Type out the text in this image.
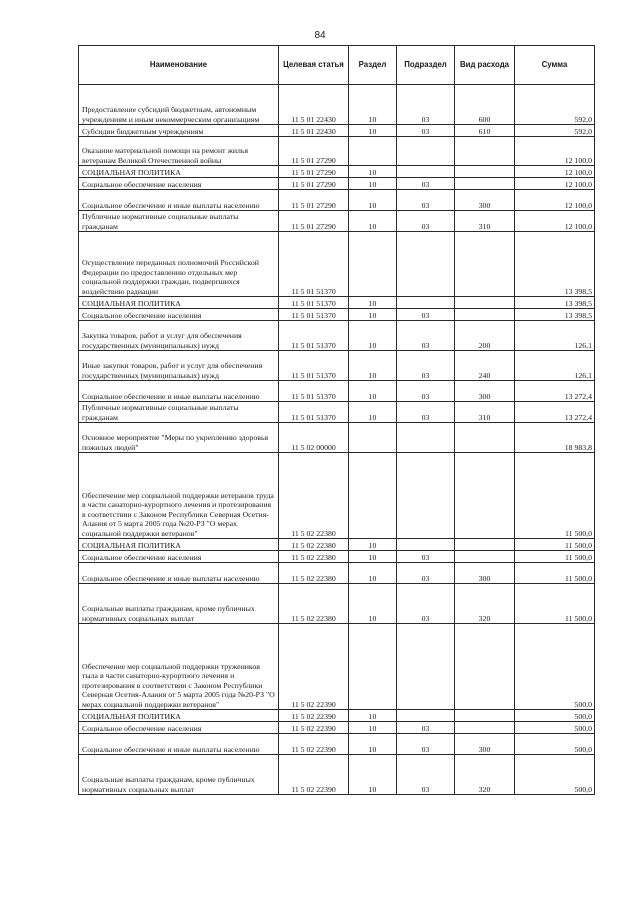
84
Наименование	Целевая статья	Раздел	Подраздел	Вид расхода	Сумма
Предоставление субсидий бюджетным, автономным учреждениям и иным некоммерческим организациям	11 5 01 22430	10	03	600	592,0
Субсидии бюджетным учреждениям	11 5 01 22430	10	03	610	592,0
Оказание материальной помощи на ремонт жилья ветеранам Великой Отечественной войны	11 5 01 27290				12 100,0
СОЦИАЛЬНАЯ ПОЛИТИКА	11 5 01 27290	10			12 100,0
Социальное обеспечение населения	11 5 01 27290	10	03		12 100,0
Социальное обеспечение и иные выплаты населению	11 5 01 27290	10	03	300	12 100,0
Публичные нормативные социальные выплаты гражданам	11 5 01 27290	10	03	310	12 100,0
Осуществление переданных полномочий Российской Федерации по предоставлению отдельных мер социальной поддержки граждан, подвергшихся воздействию радиации	11 5 01 51370				13 398,5
СОЦИАЛЬНАЯ ПОЛИТИКА	11 5 01 51370	10			13 398,5
Социальное обеспечение населения	11 5 01 51370	10	03		13 398,5
Закупка товаров, работ и услуг для обеспечения государственных (муниципальных) нужд	11 5 01 51370	10	03	200	126,1
Иные закупки товаров, работ и услуг для обеспечения государственных (муниципальных) нужд	11 5 01 51370	10	03	240	126,1
Социальное обеспечение и иные выплаты населению	11 5 01 51370	10	03	300	13 272,4
Публичные нормативные социальные выплаты гражданам	11 5 01 51370	10	03	310	13 272,4
Основное мероприятие "Меры по укреплению здоровья пожилых людей"	11 5 02 00000				18 983,8
Обеспечение мер социальной поддержки ветеранов труда в части санаторно-курортного лечения и протезирования в соответствии с Законом Республики Северная Осетия-Алания от 5 марта 2005 года №20-РЗ "О мерах социальной поддержки ветеранов"	11 5 02 22380				11 500,0
СОЦИАЛЬНАЯ ПОЛИТИКА	11 5 02 22380	10			11 500,0
Социальное обеспечение населения	11 5 02 22380	10	03		11 500,0
Социальное обеспечение и иные выплаты населению	11 5 02 22380	10	03	300	11 500,0
Социальные выплаты гражданам, кроме публичных нормативных социальных выплат	11 5 02 22380	10	03	320	11 500,0
Обеспечение мер социальной поддержки тружеников тыла в части санаторно-курортного лечения и протезирования в соответствии с Законом Республики Северная Осетия-Алания от 5 марта 2005 года №20-РЗ "О мерах социальной поддержки ветеранов"	11 5 02 22390				500,0
СОЦИАЛЬНАЯ ПОЛИТИКА	11 5 02 22390	10			500,0
Социальное обеспечение населения	11 5 02 22390	10	03		500,0
Социальное обеспечение и иные выплаты населению	11 5 02 22390	10	03	300	500,0
Социальные выплаты гражданам, кроме публичных нормативных социальных выплат	11 5 02 22390	10	03	320	500,0
